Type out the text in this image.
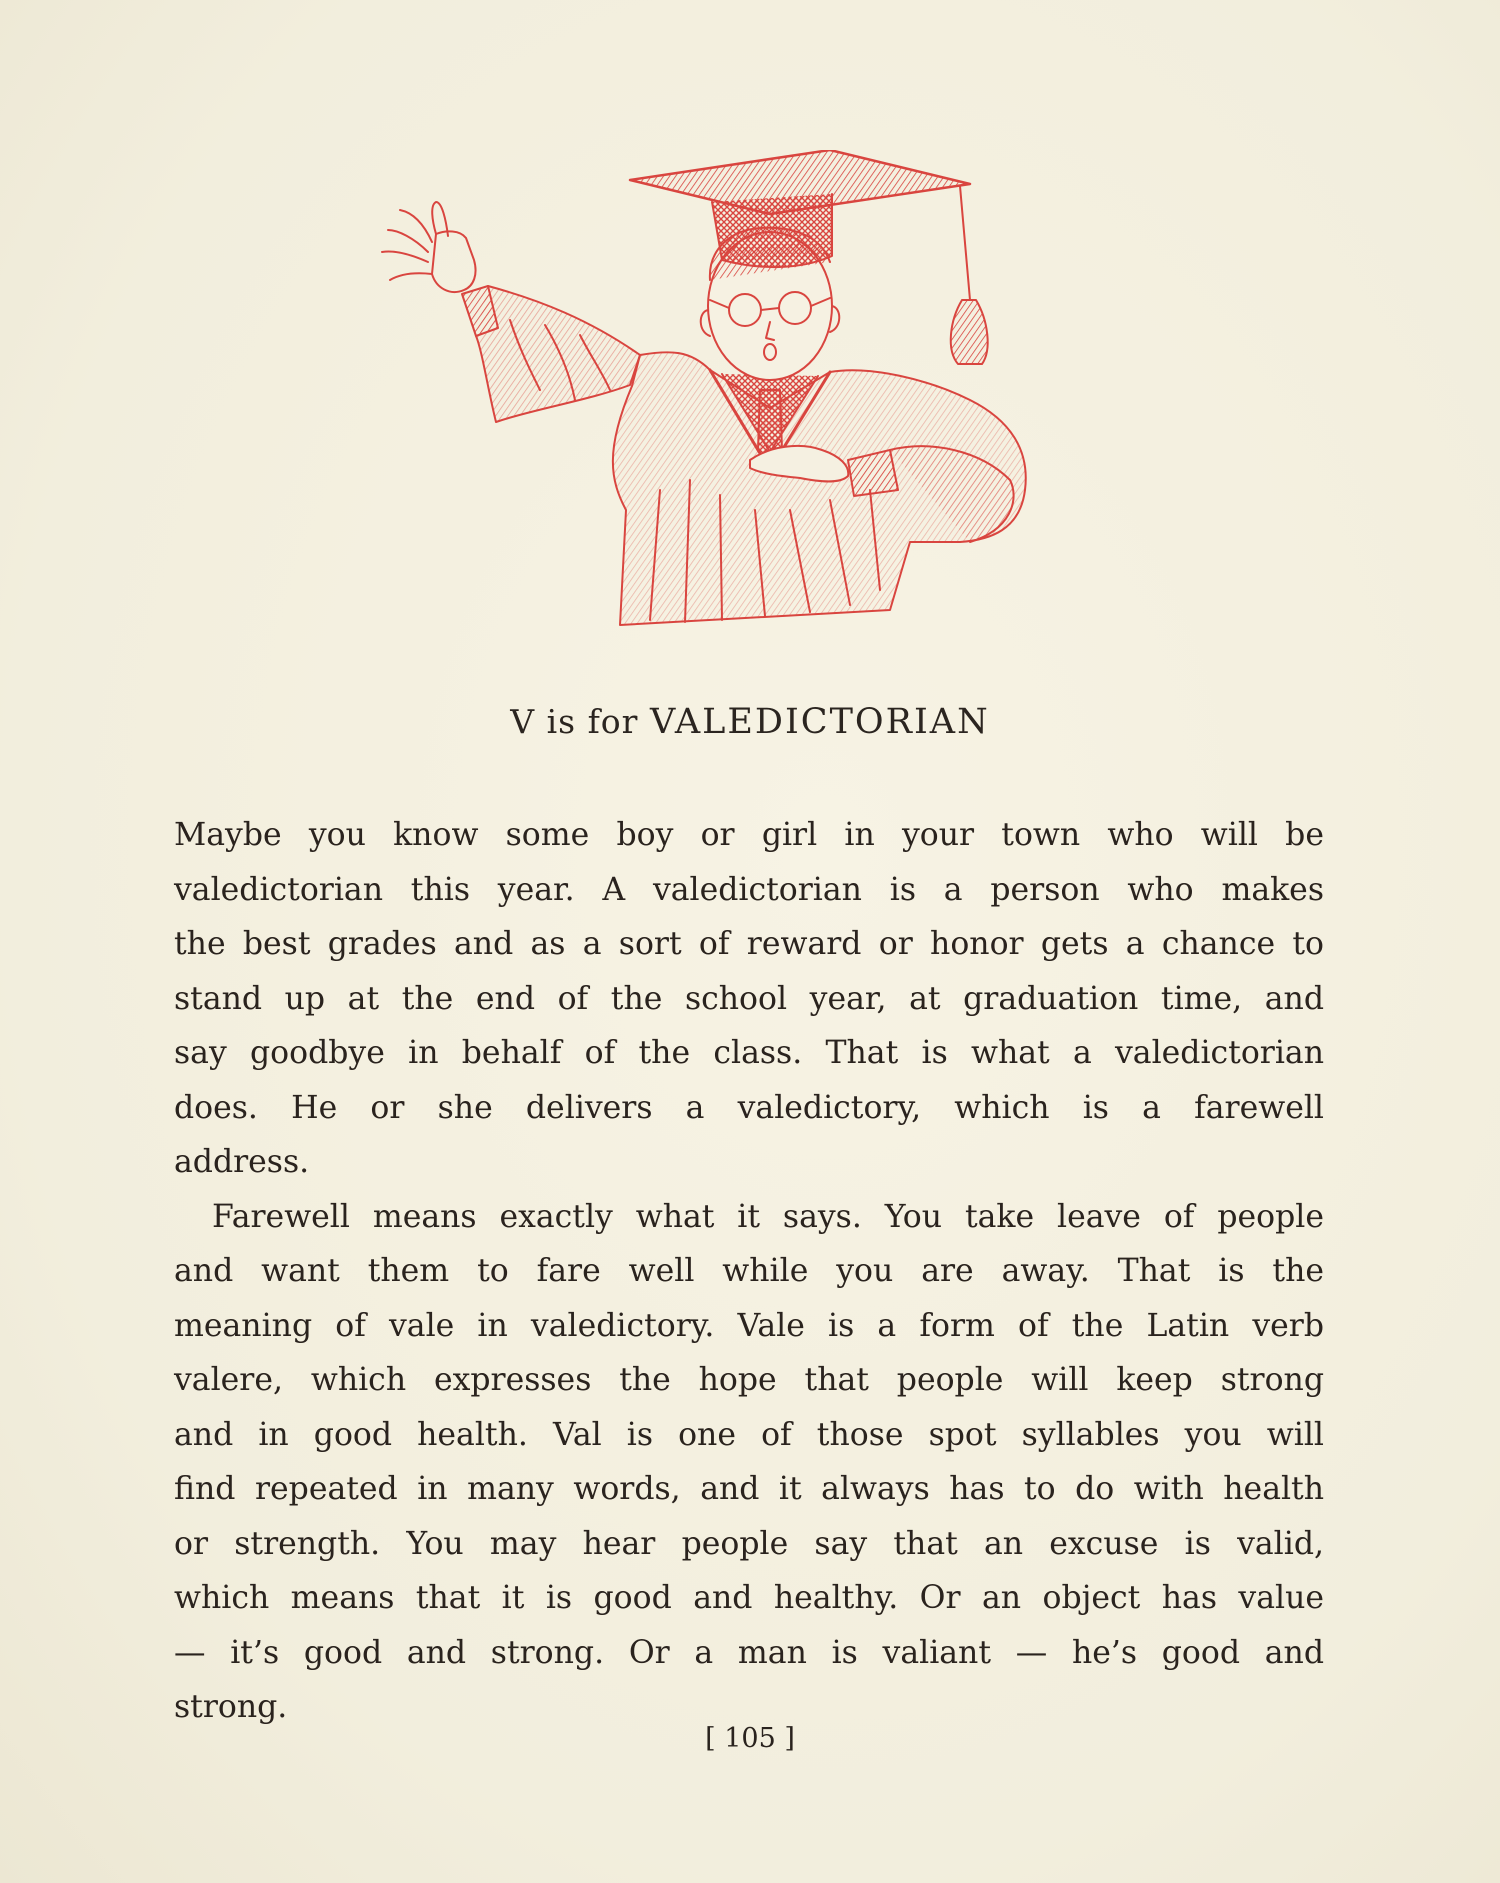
V is for VALEDICTORIAN
Maybe you know some boy or girl in your town who will be
valedictorian this year. A valedictorian is a person who makes
the best grades and as a sort of reward or honor gets a chance to
stand up at the end of the school year, at graduation time, and
say goodbye in behalf of the class. That is what a valedictorian
does. He or she delivers a valedictory, which is a farewell
address.
Farewell means exactly what it says. You take leave of people
and want them to fare well while you are away. That is the
meaning of vale in valedictory. Vale is a form of the Latin verb
valere, which expresses the hope that people will keep strong
and in good health. Val is one of those spot syllables you will
find repeated in many words, and it always has to do with health
or strength. You may hear people say that an excuse is valid,
which means that it is good and healthy. Or an object has value
— it’s good and strong. Or a man is valiant — he’s good and
strong.
[ 105 ]
